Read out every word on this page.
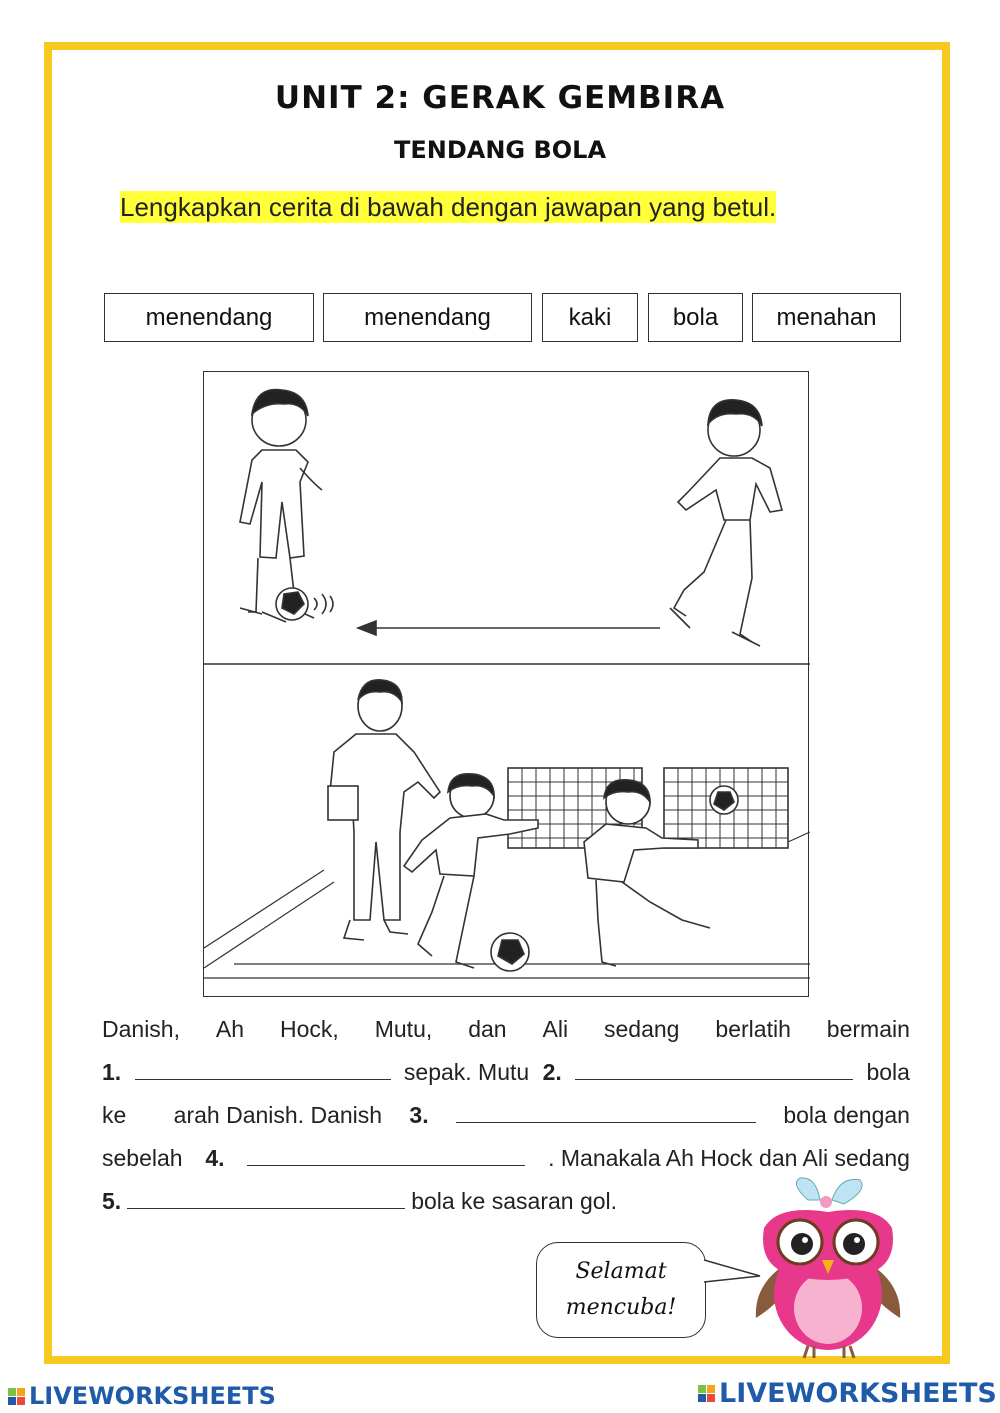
UNIT 2: GERAK GEMBIRA
TENDANG BOLA
Lengkapkan cerita di bawah dengan jawapan yang betul.
menendang	menendang	kaki	bola	menahan
Danish, Ah Hock, Mutu, dan Ali sedang berlatih bermain
1.	sepak. Mutu 2.	bola
ke arah Danish. Danish 3.	bola dengan
sebelah 4.	. Manakala Ah Hock dan Ali sedang
5.	bola ke sasaran gol.
Selamat
mencuba!
LIVEWORKSHEETS	LIVEWORKSHEETS
